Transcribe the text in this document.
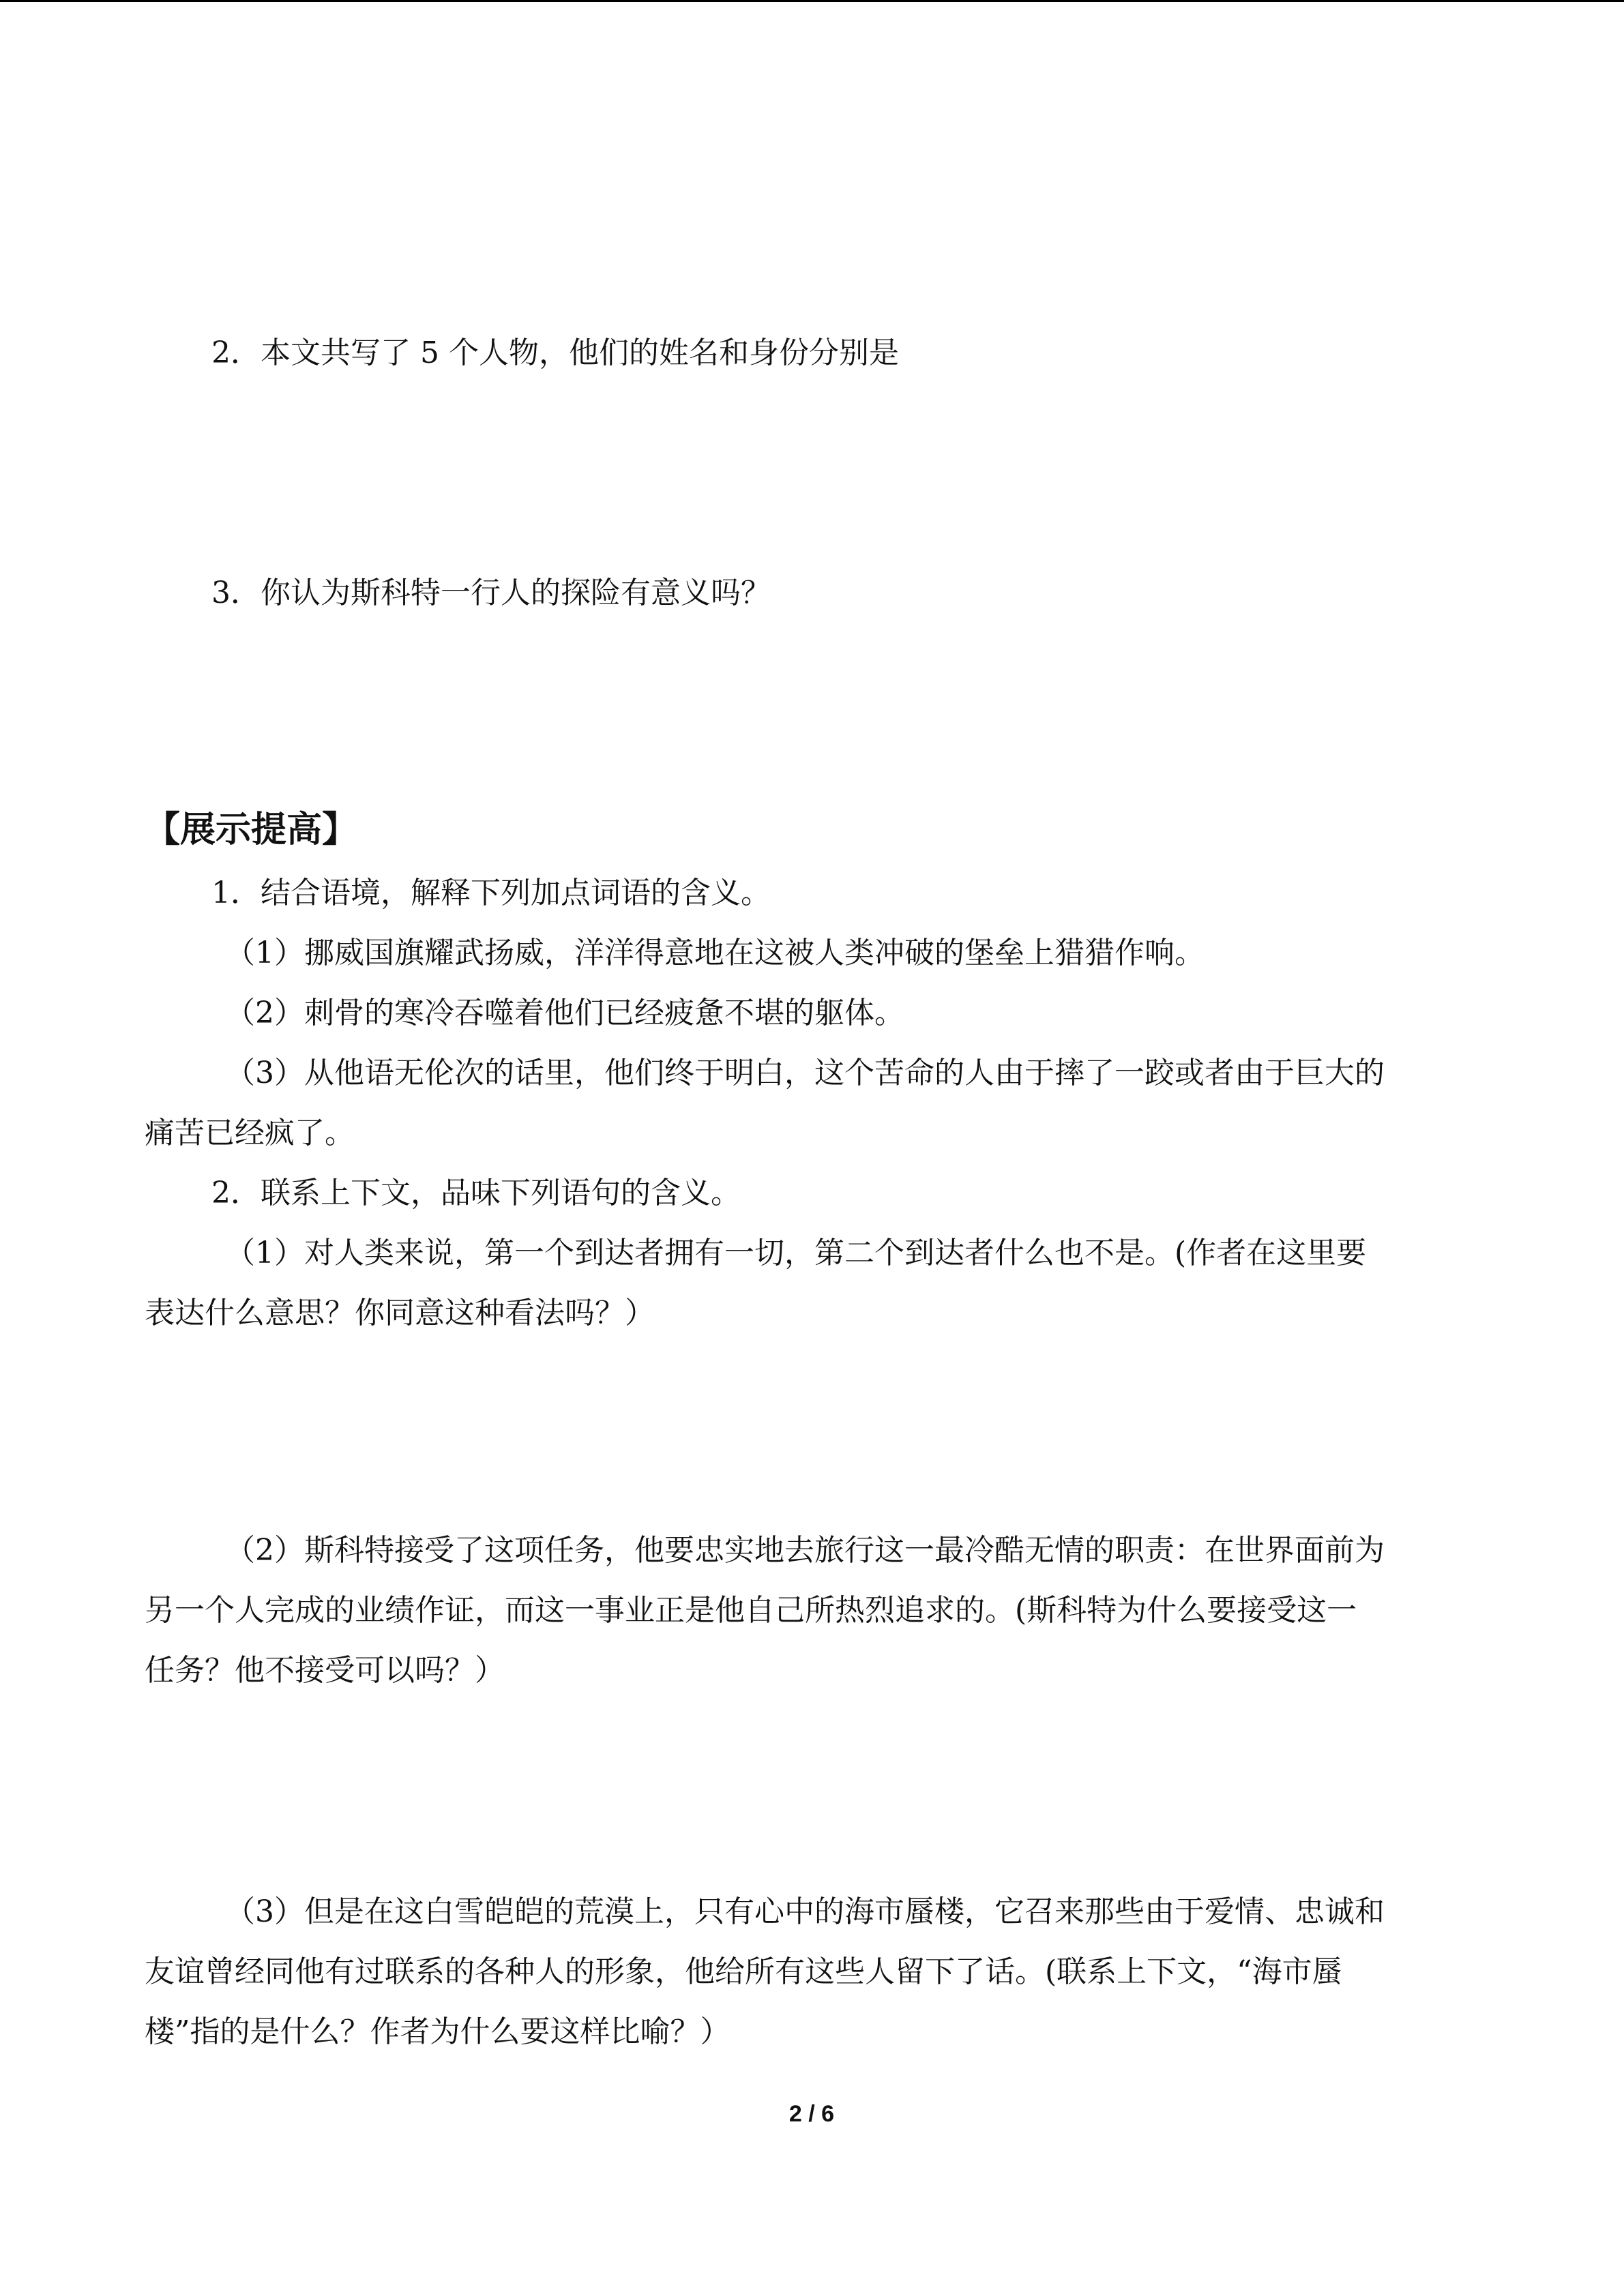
2．本文共写了 5 个人物，他们的姓名和身份分别是
3．你认为斯科特一行人的探险有意义吗？
【展示提高】
1．结合语境，解释下列加点词语的含义。
（1）挪威国旗耀武扬威，洋洋得意地在这被人类冲破的堡垒上猎猎作响。
（2）刺骨的寒冷吞噬着他们已经疲惫不堪的躯体。
（3）从他语无伦次的话里，他们终于明白，这个苦命的人由于摔了一跤或者由于巨大的
痛苦已经疯了。
2．联系上下文，品味下列语句的含义。
（1）对人类来说，第一个到达者拥有一切，第二个到达者什么也不是。(作者在这里要
表达什么意思？你同意这种看法吗？）
（2）斯科特接受了这项任务，他要忠实地去旅行这一最冷酷无情的职责：在世界面前为
另一个人完成的业绩作证，而这一事业正是他自己所热烈追求的。(斯科特为什么要接受这一
任务？他不接受可以吗？）
（3）但是在这白雪皑皑的荒漠上，只有心中的海市蜃楼，它召来那些由于爱情、忠诚和
友谊曾经同他有过联系的各种人的形象，他给所有这些人留下了话。(联系上下文，“海市蜃
楼”指的是什么？作者为什么要这样比喻？）
2 / 6
